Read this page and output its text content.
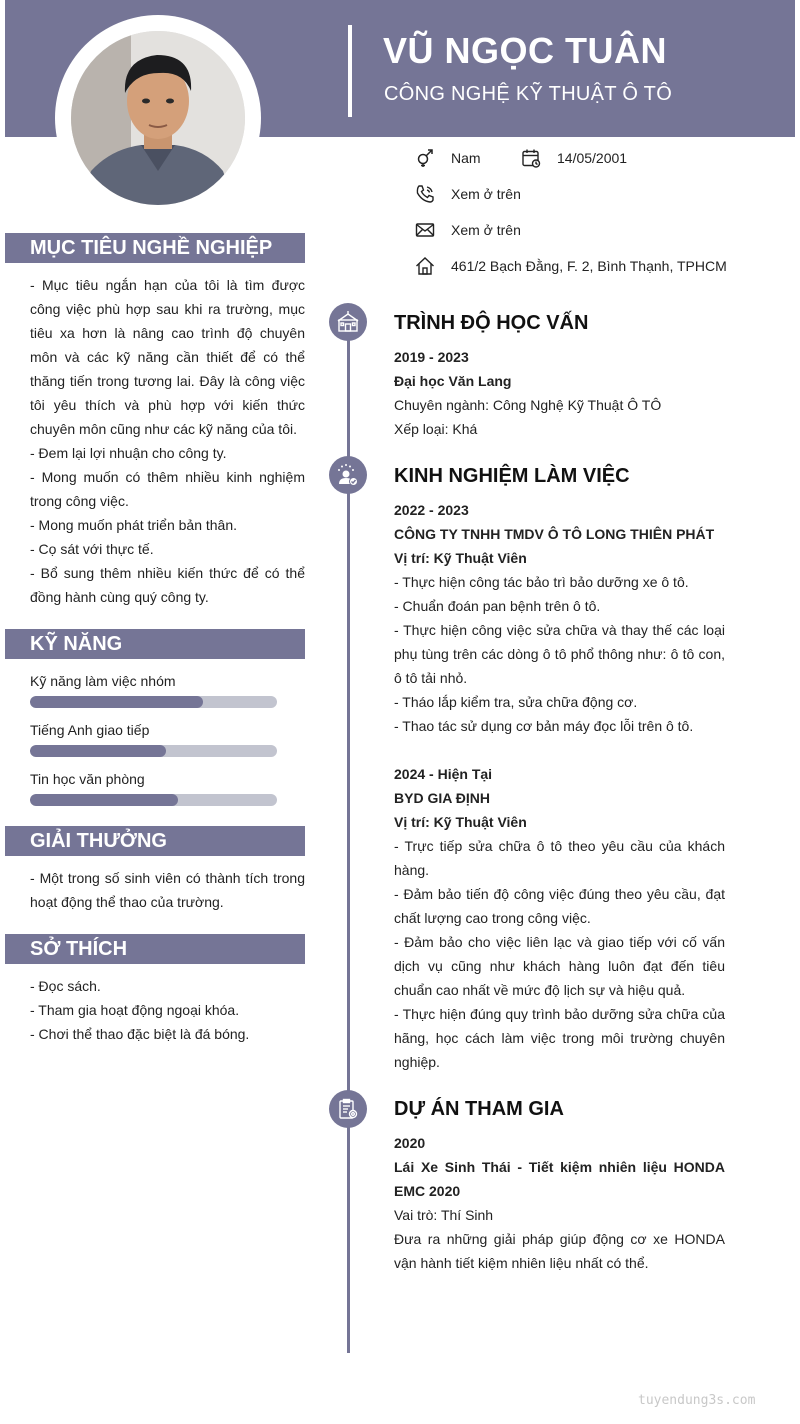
VŨ NGỌC TUÂN
CÔNG NGHỆ KỸ THUẬT Ô TÔ
Nam	14/05/2001
Xem ở trên
Xem ở trên
461/2 Bạch Đằng, F. 2, Bình Thạnh, TPHCM
MỤC TIÊU NGHỀ NGHIỆP

- Mục tiêu ngắn hạn của tôi là tìm được công việc phù hợp sau khi ra trường, mục tiêu xa hơn là nâng cao trình độ chuyên môn và các kỹ năng cần thiết để có thể thăng tiến trong tương lai. Đây là công việc tôi yêu thích và phù hợp với kiến thức chuyên môn cũng như các kỹ năng của tôi.

- Đem lại lợi nhuận cho công ty.

- Mong muốn có thêm nhiều kinh nghiệm trong công việc.

- Mong muốn phát triển bản thân.

- Cọ sát với thực tế.

- Bổ sung thêm nhiều kiến thức để có thể đồng hành cùng quý công ty.

KỸ NĂNG
Kỹ năng làm việc nhóm
Tiếng Anh giao tiếp
Tin học văn phòng
GIẢI THƯỞNG

- Một trong số sinh viên có thành tích trong hoạt động thể thao của trường.

SỞ THÍCH

- Đọc sách.

- Tham gia hoạt động ngoại khóa.

- Chơi thể thao đặc biệt là đá bóng.

TRÌNH ĐỘ HỌC VẤN

2019 - 2023

Đại học Văn Lang

Chuyên ngành: Công Nghệ Kỹ Thuật Ô TÔ

Xếp loại: Khá

KINH NGHIỆM LÀM VIỆC

2022 - 2023

CÔNG TY TNHH TMDV Ô TÔ LONG THIÊN PHÁT

Vị trí: Kỹ Thuật Viên

- Thực hiện công tác bảo trì bảo dưỡng xe ô tô.

- Chuẩn đoán pan bệnh trên ô tô.

- Thực hiện công việc sửa chữa và thay thế các loại phụ tùng trên các dòng ô tô phổ thông như: ô tô con, ô tô tải nhỏ.

- Tháo lắp kiểm tra, sửa chữa động cơ.

- Thao tác sử dụng cơ bản máy đọc lỗi trên ô tô.

2024 - Hiện Tại

BYD GIA ĐỊNH

Vị trí: Kỹ Thuật Viên

- Trực tiếp sửa chữa ô tô theo yêu cầu của khách hàng.

- Đảm bảo tiến độ công việc đúng theo yêu cầu, đạt chất lượng cao trong công việc.

- Đảm bảo cho việc liên lạc và giao tiếp với cố vấn dịch vụ cũng như khách hàng luôn đạt đến tiêu chuẩn cao nhất về mức độ lịch sự và hiệu quả.

- Thực hiện đúng quy trình bảo dưỡng sửa chữa của hãng, học cách làm việc trong môi trường chuyên nghiệp.

DỰ ÁN THAM GIA

2020

Lái Xe Sinh Thái - Tiết kiệm nhiên liệu HONDA EMC 2020

Vai trò: Thí Sinh

Đưa ra những giải pháp giúp động cơ xe HONDA vận hành tiết kiệm nhiên liệu nhất có thể.

tuyendung3s.com
